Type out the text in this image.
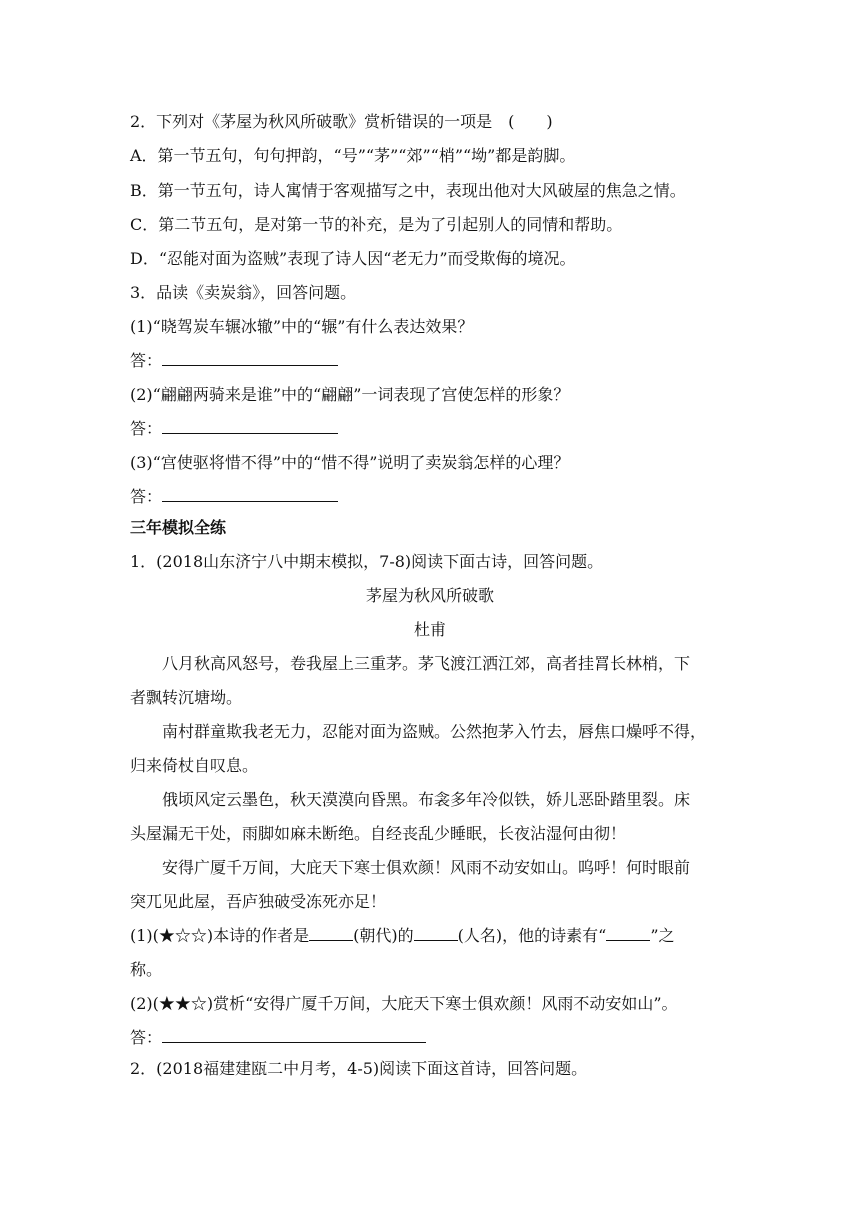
2．下列对《茅屋为秋风所破歌》赏析错误的一项是　(　　)
A．第一节五句，句句押韵，“号”“茅”“郊”“梢”“坳”都是韵脚。
B．第一节五句，诗人寓情于客观描写之中，表现出他对大风破屋的焦急之情。
C．第二节五句，是对第一节的补充，是为了引起别人的同情和帮助。
D．“忍能对面为盗贼”表现了诗人因“老无力”而受欺侮的境况。
3．品读《卖炭翁》，回答问题。
(1)“晓驾炭车辗冰辙”中的“辗”有什么表达效果？
答：
(2)“翩翩两骑来是谁”中的“翩翩”一词表现了宫使怎样的形象？
答：
(3)“宫使驱将惜不得”中的“惜不得”说明了卖炭翁怎样的心理？
答：
三年模拟全练
1．(2018山东济宁八中期末模拟，7-8)阅读下面古诗，回答问题。
茅屋为秋风所破歌
杜甫
八月秋高风怒号，卷我屋上三重茅。茅飞渡江洒江郊，高者挂罥长林梢，下
者飘转沉塘坳。
南村群童欺我老无力，忍能对面为盗贼。公然抱茅入竹去，唇焦口燥呼不得，
归来倚杖自叹息。
俄顷风定云墨色，秋天漠漠向昏黑。布衾多年冷似铁，娇儿恶卧踏里裂。床
头屋漏无干处，雨脚如麻未断绝。自经丧乱少睡眠，长夜沾湿何由彻！
安得广厦千万间，大庇天下寒士俱欢颜！风雨不动安如山。呜呼！何时眼前
突兀见此屋，吾庐独破受冻死亦足！
(1)(★☆☆)本诗的作者是	(朝代)的	(人名)，他的诗素有“	”之
称。
(2)(★★☆)赏析“安得广厦千万间，大庇天下寒士俱欢颜！风雨不动安如山”。
答：
2．(2018福建建瓯二中月考，4-5)阅读下面这首诗，回答问题。
